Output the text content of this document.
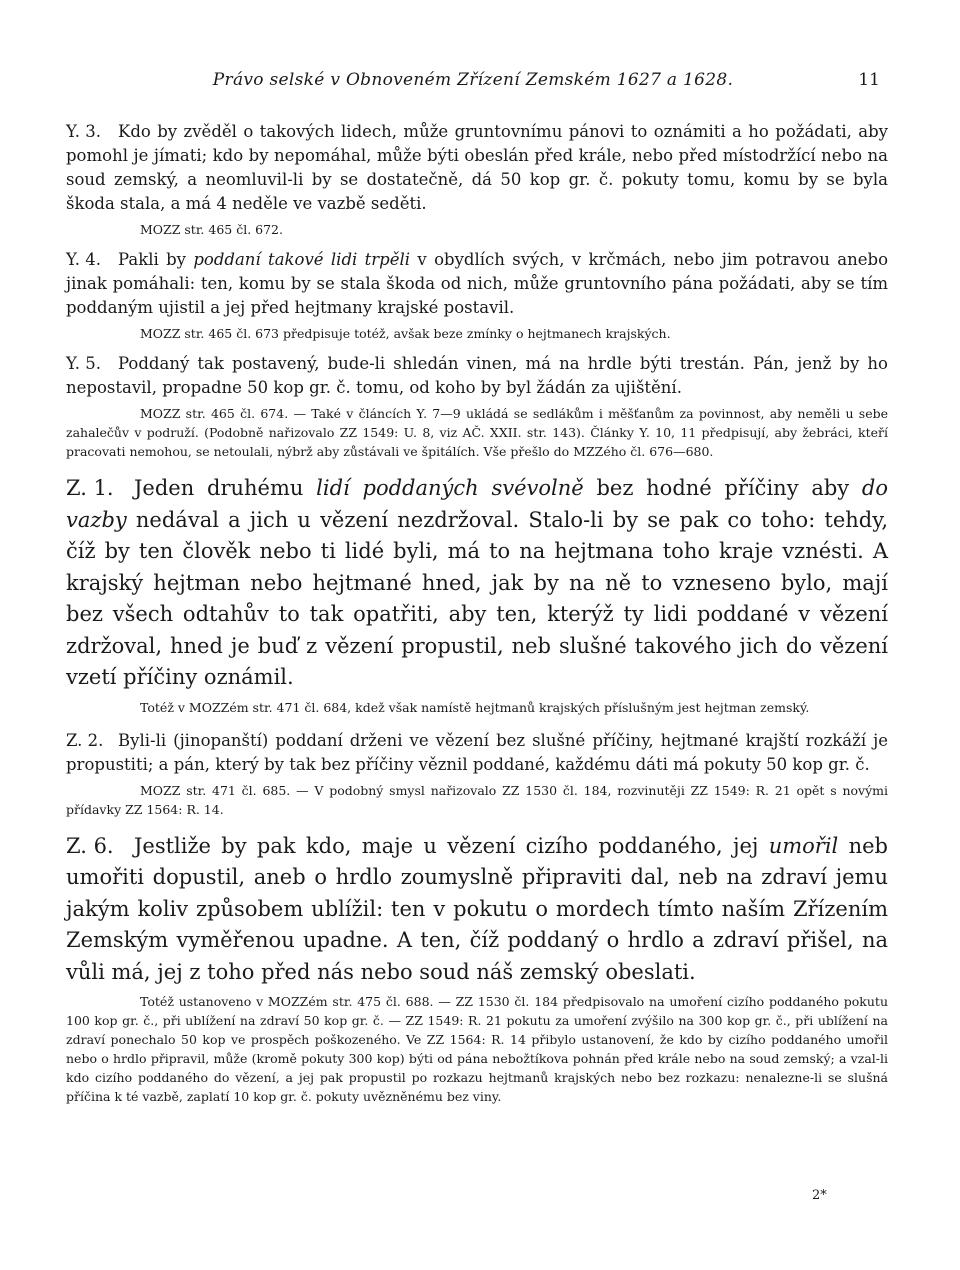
Právo selské v Obnoveném Zřízení Zemském 1627 a 1628.	11

Y. 3. Kdo by zvěděl o takových lidech, může gruntovnímu pánovi to oznámiti a ho požádati, aby pomohl je jímati; kdo by nepomáhal, může býti obeslán před krále, nebo před místodržící nebo na soud zemský, a neomluvil-li by se dostatečně, dá 50 kop gr. č. pokuty tomu, komu by se byla škoda stala, a má 4 neděle ve vazbě seděti.

MOZZ str. 465 čl. 672.

Y. 4. Pakli by poddaní takové lidi trpěli v obydlích svých, v krčmách, nebo jim potravou anebo jinak pomáhali: ten, komu by se stala škoda od nich, může gruntovního pána požádati, aby se tím poddaným ujistil a jej před hejtmany krajské postavil.

MOZZ str. 465 čl. 673 předpisuje totéž, avšak beze zmínky o hejtmanech krajských.

Y. 5. Poddaný tak postavený, bude-li shledán vinen, má na hrdle býti trestán. Pán, jenž by ho nepostavil, propadne 50 kop gr. č. tomu, od koho by byl žádán za ujištění.

MOZZ str. 465 čl. 674. — Také v článcích Y. 7—9 ukládá se sedlákům i měšťanům za povinnost, aby neměli u sebe zahalečův v podruží. (Podobně nařizovalo ZZ 1549: U. 8, viz AČ. XXII. str. 143). Články Y. 10, 11 předpisují, aby žebráci, kteří pracovati nemohou, se netoulali, nýbrž aby zůstávali ve špitálích. Vše přešlo do MZZého čl. 676—680.

Z. 1. Jeden druhému lidí poddaných svévolně bez hodné příčiny aby do vazby nedával a jich u vězení nezdržoval. Stalo-li by se pak co toho: tehdy, číž by ten člověk nebo ti lidé byli, má to na hejtmana toho kraje vznésti. A krajský hejtman nebo hejtmané hned, jak by na ně to vzneseno bylo, mají bez všech odtahův to tak opatřiti, aby ten, kterýž ty lidi poddané v vězení zdržoval, hned je buď z vězení propustil, neb slušné takového jich do vězení vzetí příčiny oznámil.

Totéž v MOZZém str. 471 čl. 684, kdež však namístě hejtmanů krajských příslušným jest hejtman zemský.

Z. 2. Byli-li (jinopanští) poddaní drženi ve vězení bez slušné příčiny, hejtmané krajští rozkáží je propustiti; a pán, který by tak bez příčiny věznil poddané, každému dáti má pokuty 50 kop gr. č.

MOZZ str. 471 čl. 685. — V podobný smysl nařizovalo ZZ 1530 čl. 184, rozvinutěji ZZ 1549: R. 21 opět s novými přídavky ZZ 1564: R. 14.

Z. 6. Jestliže by pak kdo, maje u vězení cizího poddaného, jej umořil neb umořiti dopustil, aneb o hrdlo zoumyslně připraviti dal, neb na zdraví jemu jakým koliv způsobem ublížil: ten v pokutu o mordech tímto naším Zřízením Zemským vyměřenou upadne. A ten, číž poddaný o hrdlo a zdraví přišel, na vůli má, jej z toho před nás nebo soud náš zemský obeslati.

Totéž ustanoveno v MOZZém str. 475 čl. 688. — ZZ 1530 čl. 184 předpisovalo na umoření cizího poddaného pokutu 100 kop gr. č., při ublížení na zdraví 50 kop gr. č. — ZZ 1549: R. 21 pokutu za umoření zvýšilo na 300 kop gr. č., při ublížení na zdraví ponechalo 50 kop ve prospěch poškozeného. Ve ZZ 1564: R. 14 přibylo ustanovení, že kdo by cizího poddaného umořil nebo o hrdlo připravil, může (kromě pokuty 300 kop) býti od pána nebožtíkova pohnán před krále nebo na soud zemský; a vzal-li kdo cizího poddaného do vězení, a jej pak propustil po rozkazu hejtmanů krajských nebo bez rozkazu: nenalezne-li se slušná příčina k té vazbě, zaplatí 10 kop gr. č. pokuty uvězněnému bez viny.

2*
